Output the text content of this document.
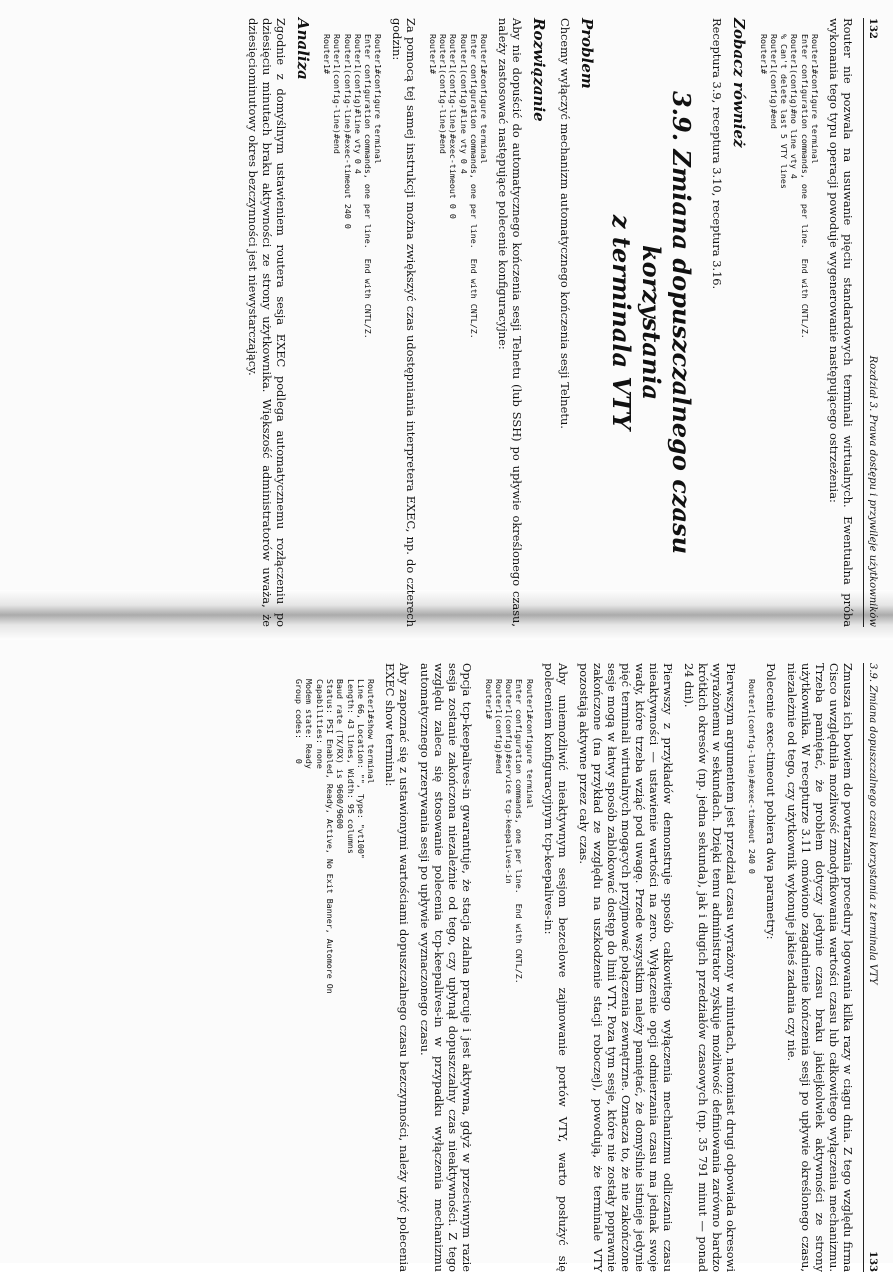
132
Rozdział 3. Prawa dostępu i przywileje użytkowników

Router nie pozwala na usuwanie pięciu standardowych terminali wirtualnych. Ewentualna próba wykonania tego typu operacji powoduje wygenerowanie następującego ostrzeżenia:

Router1#configure terminal
Enter configuration commands, one per line.  End with CNTL/Z.
Router1(config)#no line vty 4
% Can't delete last 5 VTY lines
Router1(config)#end
Router1#
Zobacz również

Receptura 3.9, receptura 3.10, receptura 3.16.

3.9. Zmiana dopuszczalnego czasu korzystania
z terminala VTY
Problem

Chcemy wyłączyć mechanizm automatycznego kończenia sesji Telnetu.

Rozwiązanie

Aby nie dopuścić do automatycznego kończenia sesji Telnetu (lub SSH) po upływie określonego czasu, należy zastosować następujące polecenie konfiguracyjne:

Router1#configure terminal
Enter configuration commands, one per line.  End with CNTL/Z.
Router1(config)#line vty 0 4
Router1(config-line)#exec-timeout 0 0
Router1(config-line)#end
Router1#

Za pomocą tej samej instrukcji można zwiększyć czas udostępniania interpretera EXEC, np. do czterech godzin:

Router1#configure terminal
Enter configuration commands, one per line.  End with CNTL/Z.
Router1(config)#line vty 0 4
Router1(config-line)#exec-timeout 240 0
Router1(config-line)#end
Router1#
Analiza

Zgodnie z domyślnym ustawieniem routera sesja EXEC podlega automatycznemu rozłączeniu po dziesięciu minutach braku aktywności ze strony użytkownika. Większość administratorów uważa, że dziesięciominutowy okres bezczynności jest niewystarczający.

3.9. Zmiana dopuszczalnego czasu korzystania z terminala VTY
133

Zmusza ich bowiem do powtarzania procedury logowania kilka razy w ciągu dnia. Z tego względu firma Cisco uwzględniła możliwość zmodyfikowania wartości czasu lub całkowitego wyłączenia mechanizmu. Trzeba pamiętać, że problem dotyczy jedynie czasu braku jakiejkolwiek aktywności ze strony użytkownika. W recepturze 3.11 omówiono zagadnienie kończenia sesji po upływie określonego czasu, niezależnie od tego, czy użytkownik wykonuje jakieś zadania czy nie.

Polecenie exec-timeout pobiera dwa parametry:

Router1(config-line)#exec-timeout 240 0

Pierwszym argumentem jest przedział czasu wyrażony w minutach, natomiast drugi odpowiada okresowi wyrażonemu w sekundach. Dzięki temu administrator zyskuje możliwość definiowania zarówno bardzo krótkich okresów (np. jedna sekunda), jak i długich przedziałów czasowych (np. 35 791 minut — ponad 24 dni).

Pierwszy z przykładów demonstruje sposób całkowitego wyłączenia mechanizmu odliczania czasu nieaktywności — ustawienie wartości na zero. Wyłączenie opcji odmierzania czasu ma jednak swoje wady, które trzeba wziąć pod uwagę. Przede wszystkim należy pamiętać, że domyślnie istnieje jedynie pięć terminali wirtualnych mogących przyjmować połączenia zewnętrzne. Oznacza to, że nie zakończone sesje mogą w łatwy sposób zablokować dostęp do linii VTY. Poza tym sesje, które nie zostały poprawnie zakończone (na przykład ze względu na uszkodzenie stacji roboczej), powodują, że terminale VTY pozostają aktywne przez cały czas.

Aby uniemożliwić nieaktywnym sesjom bezcelowe zajmowanie portów VTY, warto posłużyć się poleceniem konfiguracyjnym tcp-keepalives-in:

Router1#configure terminal
Enter configuration commands, one per line.  End with CNTL/Z.
Router1(config)#service tcp-keepalives-in
Router1(config)#end
Router1#

Opcja tcp-keepalives-in gwarantuje, że stacja zdalna pracuje i jest aktywna, gdyż w przeciwnym razie sesja zostanie zakończona niezależnie od tego, czy upłynął dopuszczalny czas nieaktywności. Z tego względu zaleca się stosowanie polecenia tcp-keepalives-in w przypadku wyłączenia mechanizmu automatycznego przerywania sesji po upływie wyznaczonego czasu.

Aby zapoznać się z ustawionymi wartościami dopuszczalnego czasu bezczynności, należy użyć polecenia EXEC show terminal:

Router1#show terminal
Line 66, Location: "", Type: "vt100"
Length: 43 lines, Width: 95 columns
Baud rate (TX/RX) is 9600/9600
Status: PSI Enabled, Ready, Active, No Exit Banner, Automore On
Capabilities: none
Modem state: Ready
Group codes:    0
